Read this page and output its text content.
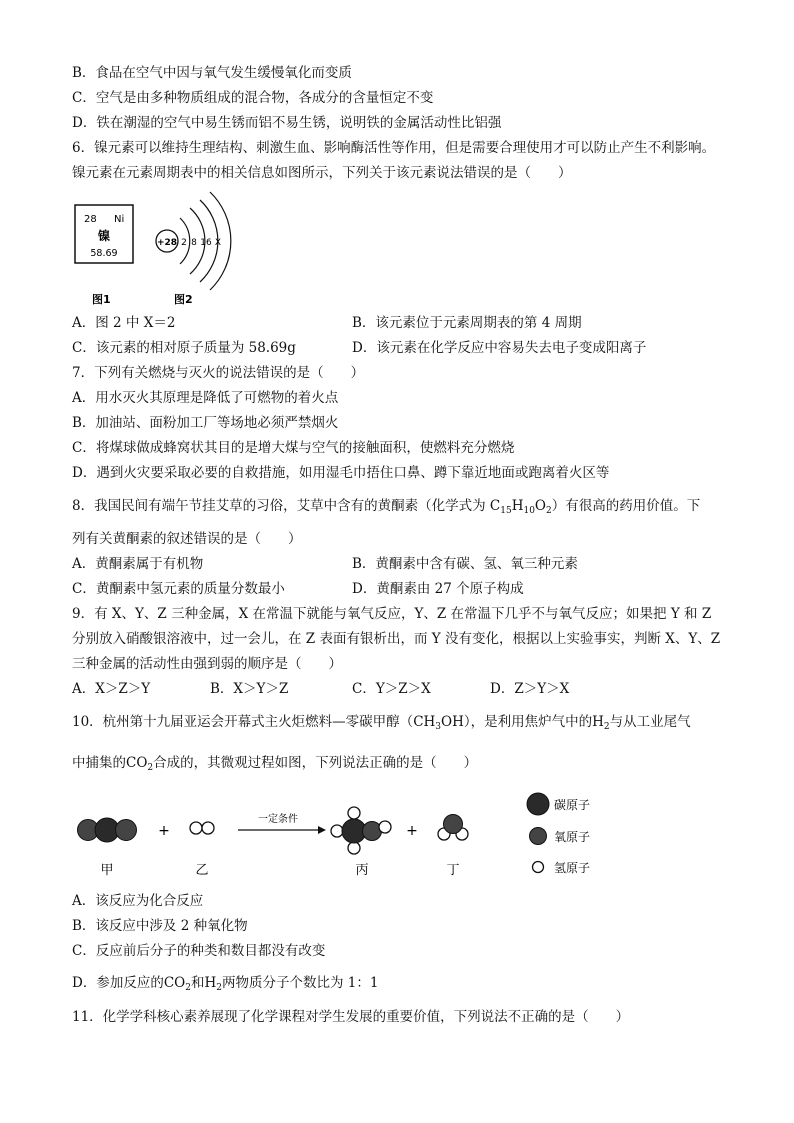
B．食品在空气中因与氧气发生缓慢氧化而变质
C．空气是由多种物质组成的混合物，各成分的含量恒定不变
D．铁在潮湿的空气中易生锈而铝不易生锈，说明铁的金属活动性比铝强
6．镍元素可以维持生理结构、刺激生血、影响酶活性等作用，但是需要合理使用才可以防止产生不利影响。
镍元素在元素周期表中的相关信息如图所示，下列关于该元素说法错误的是（　　）
28 Ni
镍
58.69
图1
+28 2 8 16 X
图2
A．图 2 中 X＝2	B．该元素位于元素周期表的第 4 周期
C．该元素的相对原子质量为 58.69g	D．该元素在化学反应中容易失去电子变成阳离子
7．下列有关燃烧与灭火的说法错误的是（　　）
A．用水灭火其原理是降低了可燃物的着火点
B．加油站、面粉加工厂等场地必须严禁烟火
C．将煤球做成蜂窝状其目的是增大煤与空气的接触面积，使燃料充分燃烧
D．遇到火灾要采取必要的自救措施，如用湿毛巾捂住口鼻、蹲下靠近地面或跑离着火区等
8．我国民间有端午节挂艾草的习俗，艾草中含有的黄酮素（化学式为 $C_{15}H_{10}O_2$）有很高的药用价值。下
列有关黄酮素的叙述错误的是（　　）
A．黄酮素属于有机物	B．黄酮素中含有碳、氢、氧三种元素
C．黄酮素中氢元素的质量分数最小	D．黄酮素由 27 个原子构成
9．有 X、Y、Z 三种金属，X 在常温下就能与氧气反应，Y、Z 在常温下几乎不与氧气反应；如果把 Y 和 Z
分别放入硝酸银溶液中，过一会儿，在 Z 表面有银析出，而 Y 没有变化，根据以上实验事实，判断 X、Y、Z
三种金属的活动性由强到弱的顺序是（　　）
A．X＞Z＞Y	B．X＞Y＞Z	C．Y＞Z＞X	D．Z＞Y＞X
10．杭州第十九届亚运会开幕式主火炬燃料—零碳甲醇$(CH_3OH)$，是利用焦炉气中的$H_2$与从工业尾气
中捕集的$CO_2$合成的，其微观过程如图，下列说法正确的是（　　）
甲
+
乙
一定条件
丙
+
丁
碳原子
氧原子
氢原子
A．该反应为化合反应
B．该反应中涉及 2 种氧化物
C．反应前后分子的种类和数目都没有改变
D．参加反应的$CO_2$和$H_2$两物质分子个数比为 1：1
11．化学学科核心素养展现了化学课程对学生发展的重要价值，下列说法不正确的是（　　）
